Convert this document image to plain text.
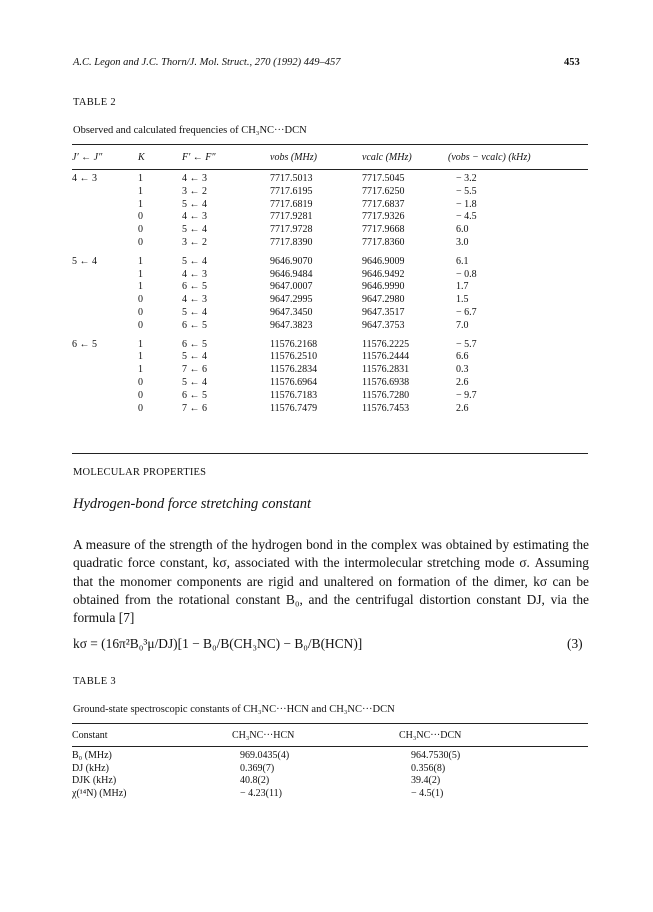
A.C. Legon and J.C. Thorn/J. Mol. Struct., 270 (1992) 449–457	453
TABLE 2
Observed and calculated frequencies of CH₃NC···DCN
J′ ← J″	K	F′ ← F″	νobs (MHz)	νcalc (MHz)	(νobs − νcalc) (kHz)

4 ← 3	1	4 ← 3	7717.5013	7717.5045	− 3.2
	1	3 ← 2	7717.6195	7717.6250	− 5.5
	1	5 ← 4	7717.6819	7717.6837	− 1.8
	0	4 ← 3	7717.9281	7717.9326	− 4.5
	0	5 ← 4	7717.9728	7717.9668	6.0
	0	3 ← 2	7717.8390	7717.8360	3.0

5 ← 4	1	5 ← 4	9646.9070	9646.9009	6.1
	1	4 ← 3	9646.9484	9646.9492	− 0.8
	1	6 ← 5	9647.0007	9646.9990	1.7
	0	4 ← 3	9647.2995	9647.2980	1.5
	0	5 ← 4	9647.3450	9647.3517	− 6.7
	0	6 ← 5	9647.3823	9647.3753	7.0

6 ← 5	1	6 ← 5	11576.2168	11576.2225	− 5.7
	1	5 ← 4	11576.2510	11576.2444	6.6
	1	7 ← 6	11576.2834	11576.2831	0.3
	0	5 ← 4	11576.6964	11576.6938	2.6
	0	6 ← 5	11576.7183	11576.7280	− 9.7
	0	7 ← 6	11576.7479	11576.7453	2.6
MOLECULAR PROPERTIES
Hydrogen-bond force stretching constant
A measure of the strength of the hydrogen bond in the complex was obtained by estimating the quadratic force constant, kσ, associated with the intermolecular stretching mode σ. Assuming that the monomer components are rigid and unaltered on formation of the dimer, kσ can be obtained from the rotational constant B₀, and the centrifugal distortion constant DJ, via the formula [7]
kσ = (16π²B₀³μ/DJ)[1 − B₀/B(CH₃NC) − B₀/B(HCN)]	(3)
TABLE 3
Ground-state spectroscopic constants of CH₃NC···HCN and CH₃NC···DCN
Constant	CH₃NC···HCN	CH₃NC···DCN

B₀ (MHz)	969.0435(4)	964.7530(5)
DJ (kHz)	0.369(7)	0.356(8)
DJK (kHz)	40.8(2)	39.4(2)
χ(¹⁴N) (MHz)	− 4.23(11)	− 4.5(1)
